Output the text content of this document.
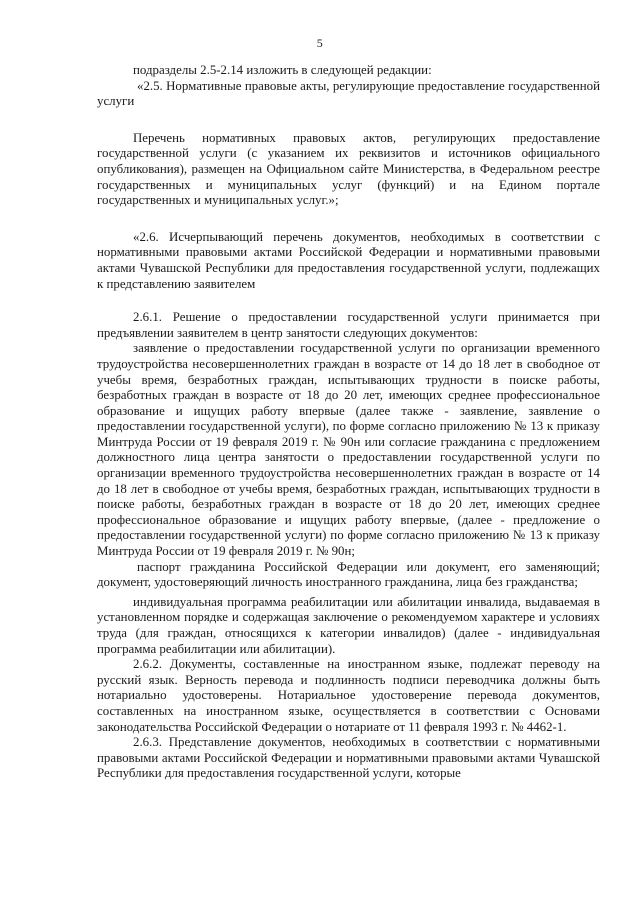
5

подразделы 2.5-2.14 изложить в следующей редакции:

«2.5. Нормативные правовые акты, регулирующие предоставление государственной услуги

Перечень нормативных правовых актов, регулирующих предоставление государственной услуги (с указанием их реквизитов и источников официального опубликования), размещен на Официальном сайте Министерства, в Федеральном реестре государственных и муниципальных услуг (функций) и на Едином портале государственных и муниципальных услуг.»;

«2.6. Исчерпывающий перечень документов, необходимых в соответствии с нормативными правовыми актами Российской Федерации и нормативными правовыми актами Чувашской Республики для предоставления государственной услуги, подлежащих к представлению заявителем

2.6.1. Решение о предоставлении государственной услуги принимается при предъявлении заявителем в центр занятости следующих документов:

заявление о предоставлении государственной услуги по организации временного трудоустройства несовершеннолетних граждан в возрасте от 14 до 18 лет в свободное от учебы время, безработных граждан, испытывающих трудности в поиске работы, безработных граждан в возрасте от 18 до 20 лет, имеющих среднее профессиональное образование и ищущих работу впервые (далее также - заявление, заявление о предоставлении государственной услуги), по форме согласно приложению № 13 к приказу Минтруда России от 19 февраля 2019 г. № 90н или согласие гражданина с предложением должностного лица центра занятости о предоставлении государственной услуги по организации временного трудоустройства несовершеннолетних граждан в возрасте от 14 до 18 лет в свободное от учебы время, безработных граждан, испытывающих трудности в поиске работы, безработных граждан в возрасте от 18 до 20 лет, имеющих среднее профессиональное образование и ищущих работу впервые, (далее - предложение о предоставлении государственной услуги) по форме согласно приложению № 13 к приказу Минтруда России от 19 февраля 2019 г. № 90н;

паспорт гражданина Российской Федерации или документ, его заменяющий; документ, удостоверяющий личность иностранного гражданина, лица без гражданства;

индивидуальная программа реабилитации или абилитации инвалида, выдаваемая в установленном порядке и содержащая заключение о рекомендуемом характере и условиях труда (для граждан, относящихся к категории инвалидов) (далее - индивидуальная программа реабилитации или абилитации).

2.6.2. Документы, составленные на иностранном языке, подлежат переводу на русский язык. Верность перевода и подлинность подписи переводчика должны быть нотариально удостоверены. Нотариальное удостоверение перевода документов, составленных на иностранном языке, осуществляется в соответствии с Основами законодательства Российской Федерации о нотариате от 11 февраля 1993 г. № 4462-1.

2.6.3. Представление документов, необходимых в соответствии с нормативными правовыми актами Российской Федерации и нормативными правовыми актами Чувашской Республики для предоставления государственной услуги, которые
